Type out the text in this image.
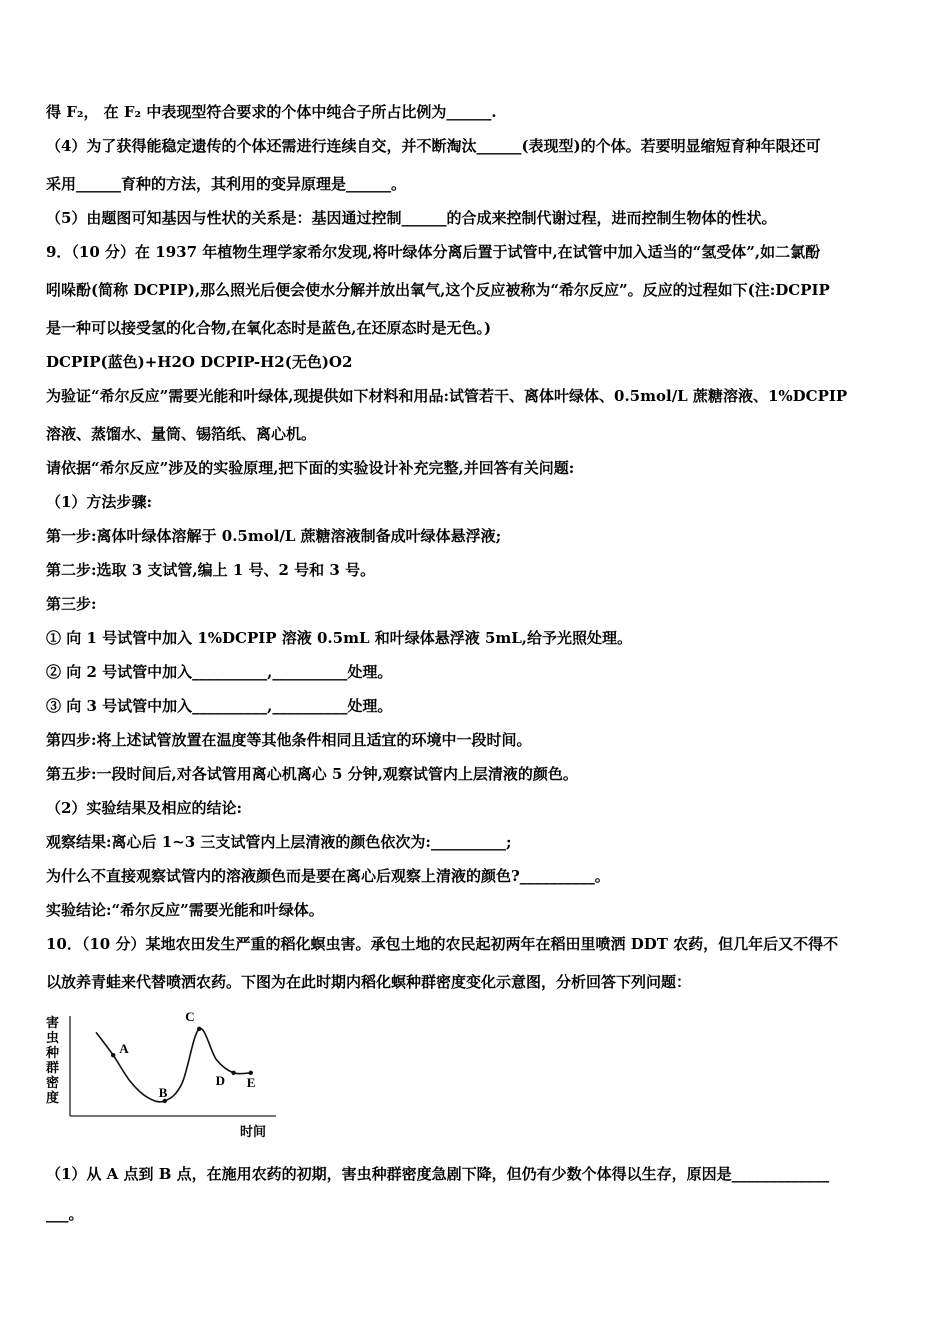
得 F₂， 在 F₂ 中表现型符合要求的个体中纯合子所占比例为______.
（4）为了获得能稳定遗传的个体还需进行连续自交，并不断淘汰______(表现型)的个体。若要明显缩短育种年限还可
采用______育种的方法，其利用的变异原理是______。
（5）由题图可知基因与性状的关系是：基因通过控制______的合成来控制代谢过程，进而控制生物体的性状。
9．（10 分）在 1937 年植物生理学家希尔发现,将叶绿体分离后置于试管中,在试管中加入适当的“氢受体”,如二氯酚
吲哚酚(简称 DCPIP),那么照光后便会使水分解并放出氧气,这个反应被称为“希尔反应”。反应的过程如下(注:DCPIP
是一种可以接受氢的化合物,在氧化态时是蓝色,在还原态时是无色。)
DCPIP(蓝色)+H2O DCPIP-H2(无色)O2
为验证“希尔反应”需要光能和叶绿体,现提供如下材料和用品:试管若干、离体叶绿体、0.5mol/L 蔗糖溶液、1%DCPIP
溶液、蒸馏水、量筒、锡箔纸、离心机。
请依据“希尔反应”涉及的实验原理,把下面的实验设计补充完整,并回答有关问题:
（1）方法步骤:
第一步:离体叶绿体溶解于 0.5mol/L 蔗糖溶液制备成叶绿体悬浮液;
第二步:选取 3 支试管,编上 1 号、2 号和 3 号。
第三步:
① 向 1 号试管中加入 1%DCPIP 溶液 0.5mL 和叶绿体悬浮液 5mL,给予光照处理。
② 向 2 号试管中加入__________,__________处理。
③ 向 3 号试管中加入__________,__________处理。
第四步:将上述试管放置在温度等其他条件相同且适宜的环境中一段时间。
第五步:一段时间后,对各试管用离心机离心 5 分钟,观察试管内上层清液的颜色。
（2）实验结果及相应的结论:
观察结果:离心后 1~3 三支试管内上层清液的颜色依次为:__________;
为什么不直接观察试管内的溶液颜色而是要在离心后观察上清液的颜色?__________。
实验结论:“希尔反应”需要光能和叶绿体。
10．（10 分）某地农田发生严重的稻化螟虫害。承包土地的农民起初两年在稻田里喷洒 DDT 农药，但几年后又不得不
以放养青蛙来代替喷洒农药。下图为在此时期内稻化螟种群密度变化示意图，分析回答下列问题：
（1）从 A 点到 B 点，在施用农药的初期，害虫种群密度急剧下降，但仍有少数个体得以生存，原因是_____________
___。
害
虫
种
群
密
度
A
B
C
D E
时间
